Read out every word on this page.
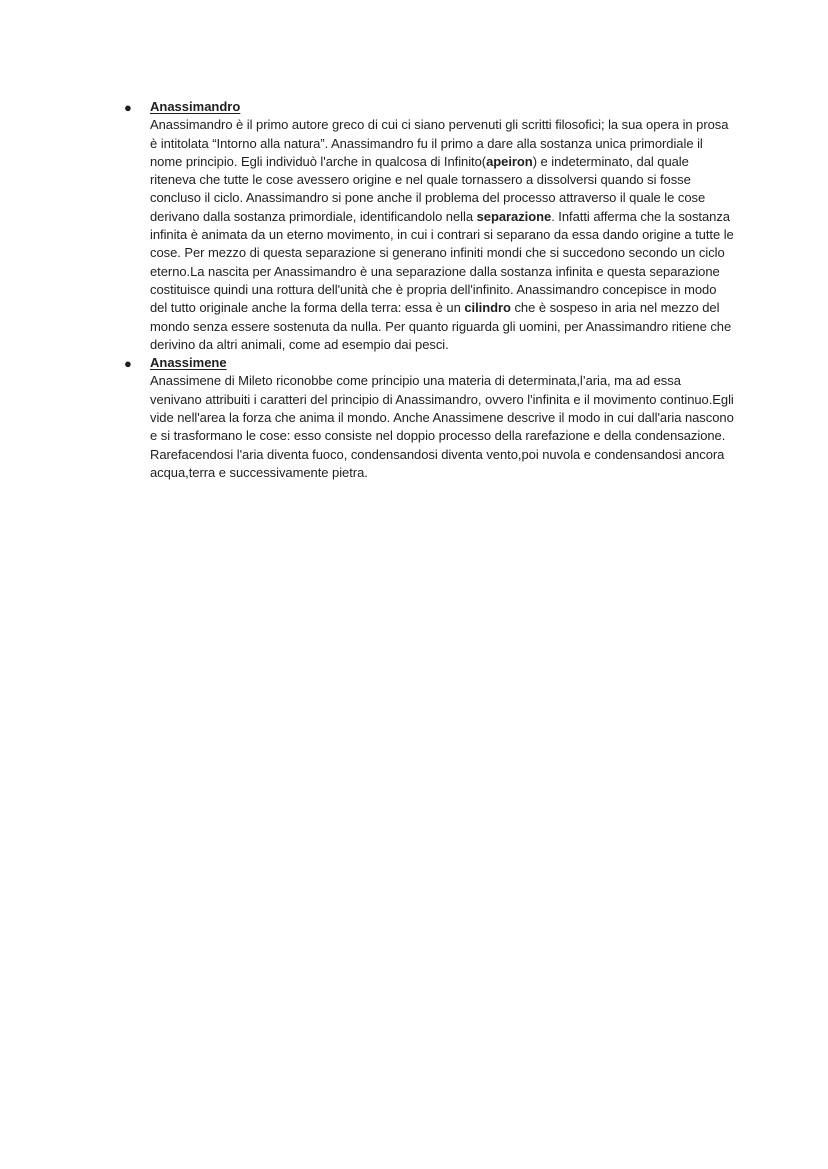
● Anassimandro

Anassimandro è il primo autore greco di cui ci siano pervenuti gli scritti filosofici; la sua opera in prosa è intitolata “Intorno alla natura”. Anassimandro fu il primo a dare alla sostanza unica primordiale il nome principio. Egli individuò l'arche in qualcosa di Infinito(apeiron) e indeterminato, dal quale riteneva che tutte le cose avessero origine e nel quale tornassero a dissolversi quando si fosse concluso il ciclo. Anassimandro si pone anche il problema del processo attraverso il quale le cose derivano dalla sostanza primordiale, identificandolo nella separazione. Infatti afferma che la sostanza infinita è animata da un eterno movimento, in cui i contrari si separano da essa dando origine a tutte le cose. Per mezzo di questa separazione si generano infiniti mondi che si succedono secondo un ciclo eterno.La nascita per Anassimandro è una separazione dalla sostanza infinita e questa separazione costituisce quindi una rottura dell'unità che è propria dell'infinito. Anassimandro concepisce in modo del tutto originale anche la forma della terra: essa è un cilindro che è sospeso in aria nel mezzo del mondo senza essere sostenuta da nulla. Per quanto riguarda gli uomini, per Anassimandro ritiene che derivino da altri animali, come ad esempio dai pesci.

● Anassimene

Anassimene di Mileto riconobbe come principio una materia di determinata,l’aria, ma ad essa venivano attribuiti i caratteri del principio di Anassimandro, ovvero l'infinita e il movimento continuo.Egli vide nell'area la forza che anima il mondo. Anche Anassimene descrive il modo in cui dall'aria nascono e si trasformano le cose: esso consiste nel doppio processo della rarefazione e della condensazione. Rarefacendosi l'aria diventa fuoco, condensandosi diventa vento,poi nuvola e condensandosi ancora acqua,terra e successivamente pietra.
